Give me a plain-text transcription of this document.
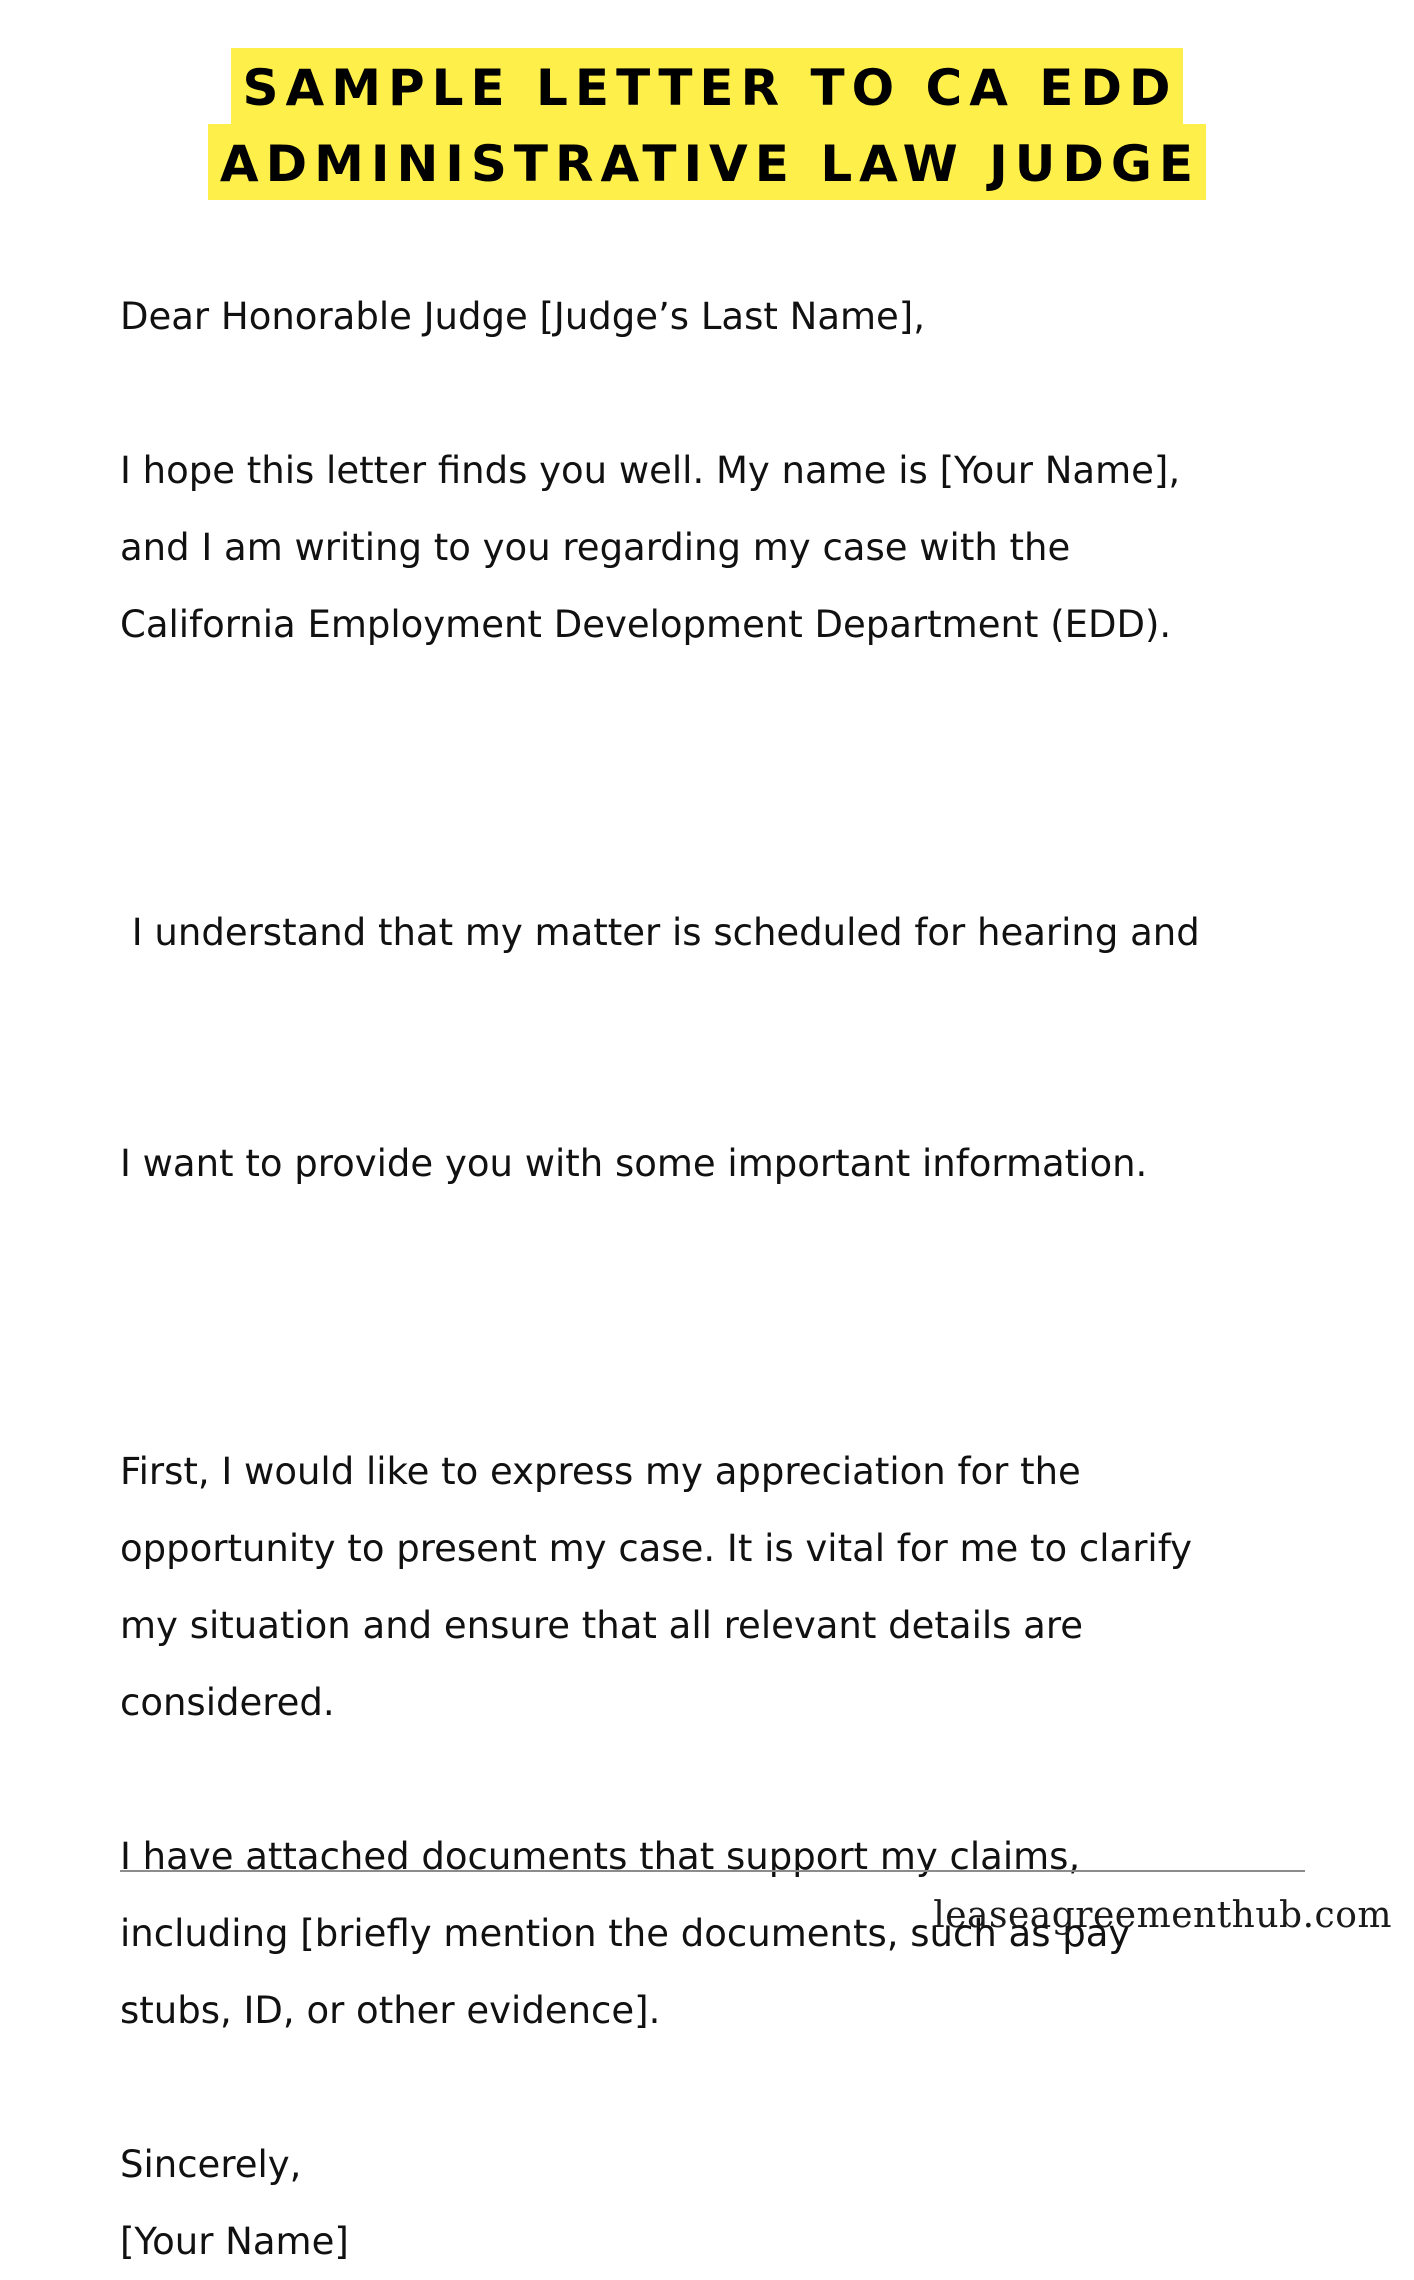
SAMPLE LETTER TO CA EDD
ADMINISTRATIVE LAW JUDGE

Dear Honorable Judge [Judge’s Last Name],

I hope this letter finds you well. My name is [Your Name],
and I am writing to you regarding my case with the
California Employment Development Department (EDD).

I understand that my matter is scheduled for hearing and

I want to provide you with some important information.

First, I would like to express my appreciation for the
opportunity to present my case. It is vital for me to clarify
my situation and ensure that all relevant details are
considered.

I have attached documents that support my claims,
including [briefly mention the documents, such as pay
stubs, ID, or other evidence].

Sincerely,
[Your Name]

leaseagreementhub.com
